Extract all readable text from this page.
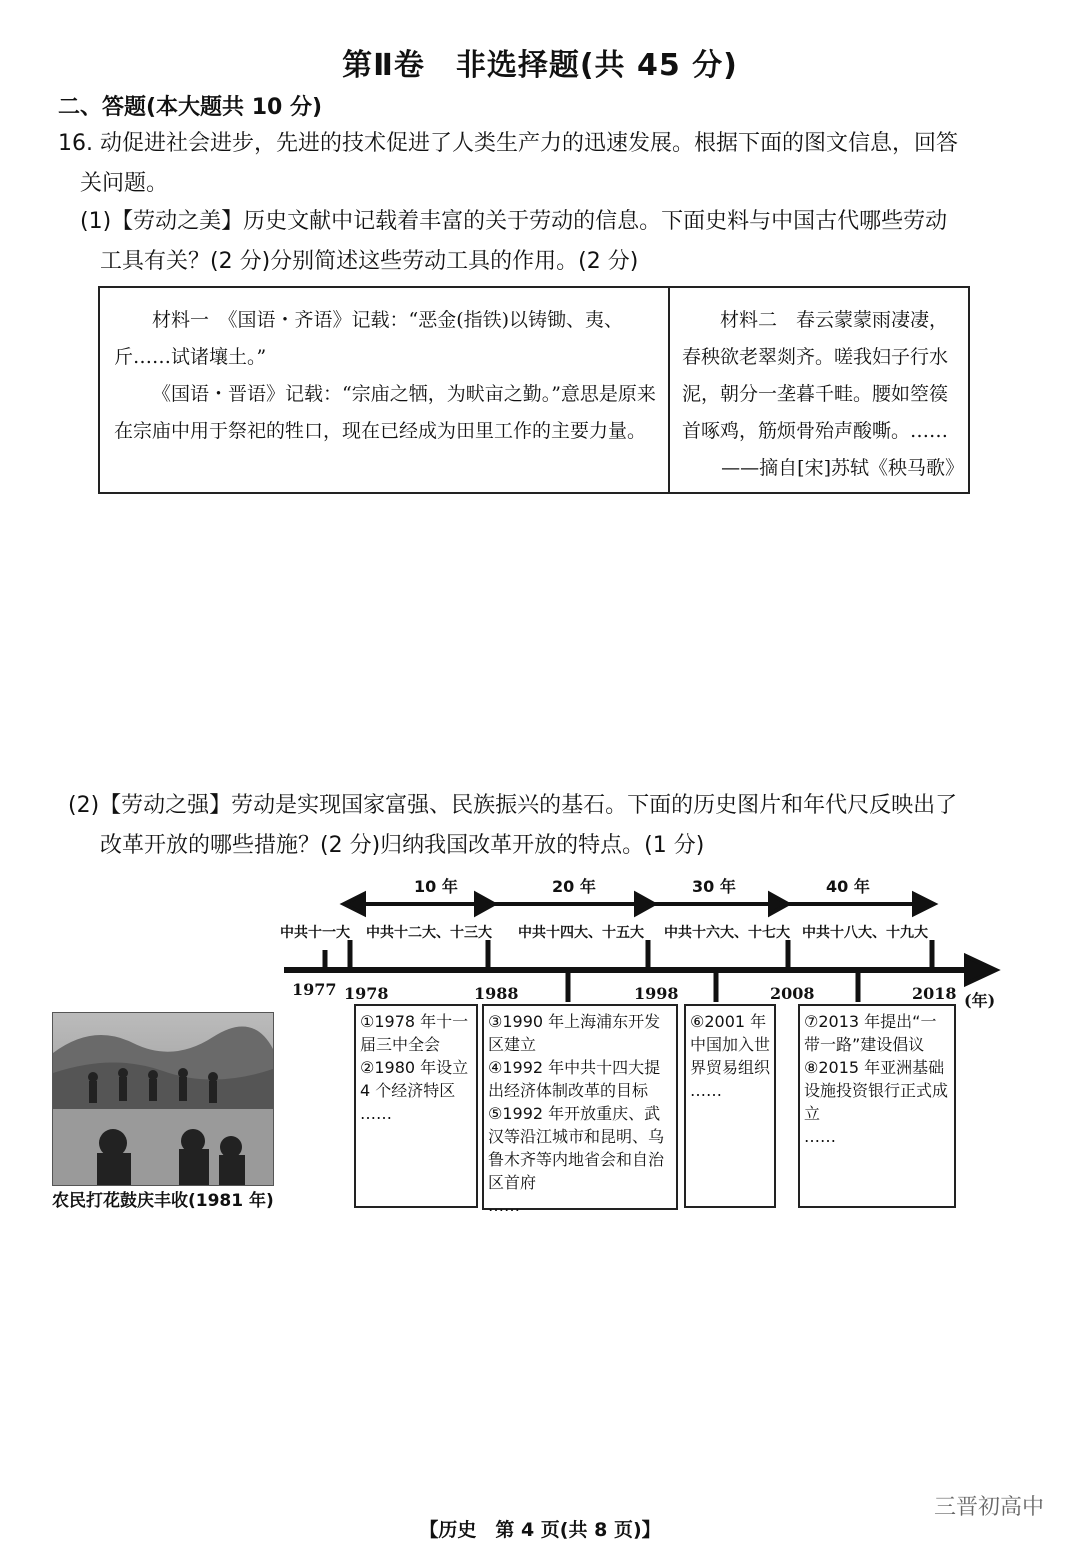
第Ⅱ卷　非选择题(共 45 分)
二、答题(本大题共 10 分)
16. 动促进社会进步，先进的技术促进了人类生产力的迅速发展。根据下面的图文信息，回答
关问题。
(1)【劳动之美】历史文献中记载着丰富的关于劳动的信息。下面史料与中国古代哪些劳动
工具有关？(2 分)分别简述这些劳动工具的作用。(2 分)

材料一　《国语・齐语》记载：“恶金(指铁)以铸锄、夷、斤……试诸壤土。”

《国语・晋语》记载：“宗庙之牺，为畎亩之勤。”意思是原来在宗庙中用于祭祀的牲口，现在已经成为田里工作的主要力量。

材料二　春云蒙蒙雨凄凄，春秧欲老翠剡齐。嗟我妇子行水泥，朝分一垄暮千畦。腰如箜篌首啄鸡，筋烦骨殆声酸嘶。……

——摘自[宋]苏轼《秧马歌》

(2)【劳动之强】劳动是实现国家富强、民族振兴的基石。下面的历史图片和年代尺反映出了
改革开放的哪些措施？(2 分)归纳我国改革开放的特点。(1 分)
10 年	20 年	30 年	40 年
中共十一大 中共十二大、十三大 中共十四大、十五大 中共十六大、十七大 中共十八大、十九大
1977 1978	1988	1998	2008	2018 (年)
①1978 年十一届三中全会
②1980 年设立 4 个经济特区
……
③1990 年上海浦东开发区建立
④1992 年中共十四大提出经济体制改革的目标
⑤1992 年开放重庆、武汉等沿江城市和昆明、乌鲁木齐等内地省会和自治区首府
……
⑥2001 年中国加入世界贸易组织
……
⑦2013 年提出“一带一路”建设倡议
⑧2015 年亚洲基础设施投资银行正式成立
……
农民打花鼓庆丰收(1981 年)
【历史　第 4 页(共 8 页)】
三晋初高中
